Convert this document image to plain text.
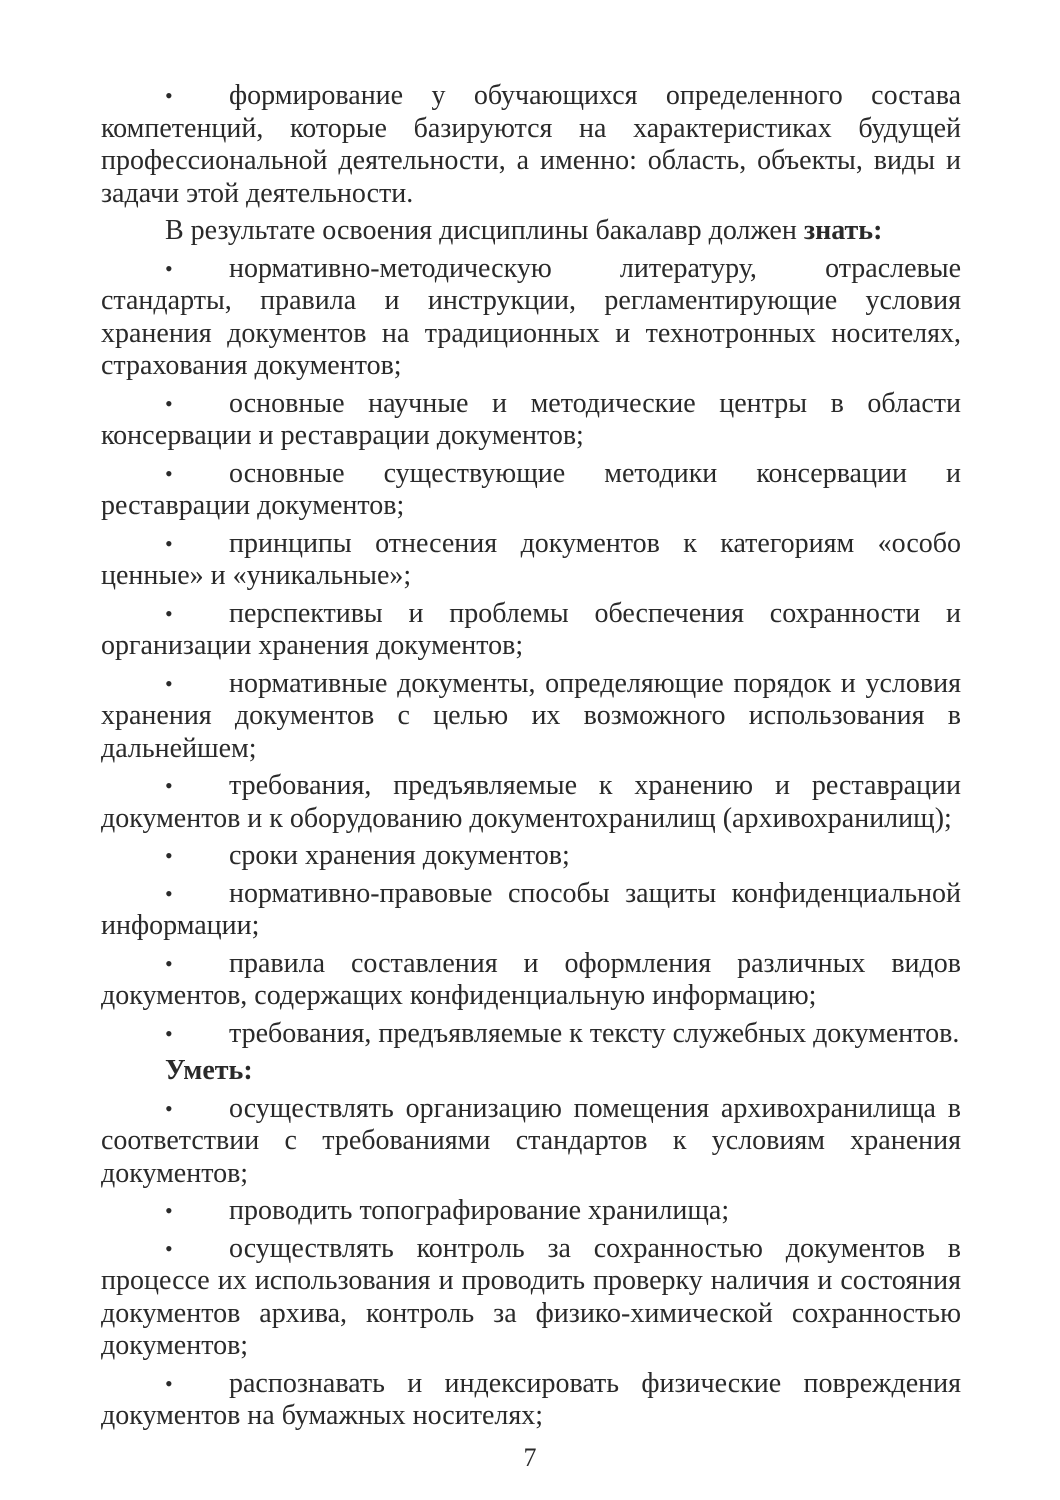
• формирование у обучающихся определенного состава компетенций, которые базируются на характеристиках будущей профессиональной деятельности, а именно: область, объекты, виды и задачи этой деятельности.
В результате освоения дисциплины бакалавр должен знать:
• нормативно-методическую литературу, отраслевые стандарты, правила и инструкции, регламентирующие условия хранения документов на традиционных и технотронных носителях, страхования документов;
• основные научные и методические центры в области консервации и реставрации документов;
• основные существующие методики консервации и реставрации документов;
• принципы отнесения документов к категориям «особо ценные» и «уникальные»;
• перспективы и проблемы обеспечения сохранности и организации хранения документов;
• нормативные документы, определяющие порядок и условия хранения документов с целью их возможного использования в дальнейшем;
• требования, предъявляемые к хранению и реставрации документов и к оборудованию документохранилищ (архивохранилищ);
• сроки хранения документов;
• нормативно-правовые способы защиты конфиденциальной информации;
• правила составления и оформления различных видов документов, содержащих конфиденциальную информацию;
• требования, предъявляемые к тексту служебных документов.
Уметь:
• осуществлять организацию помещения архивохранилища в соответствии с требованиями стандартов к условиям хранения документов;
• проводить топографирование хранилища;
• осуществлять контроль за сохранностью документов в процессе их использования и проводить проверку наличия и состояния документов архива, контроль за физико-химической сохранностью документов;
• распознавать и индексировать физические повреждения документов на бумажных носителях;
7
